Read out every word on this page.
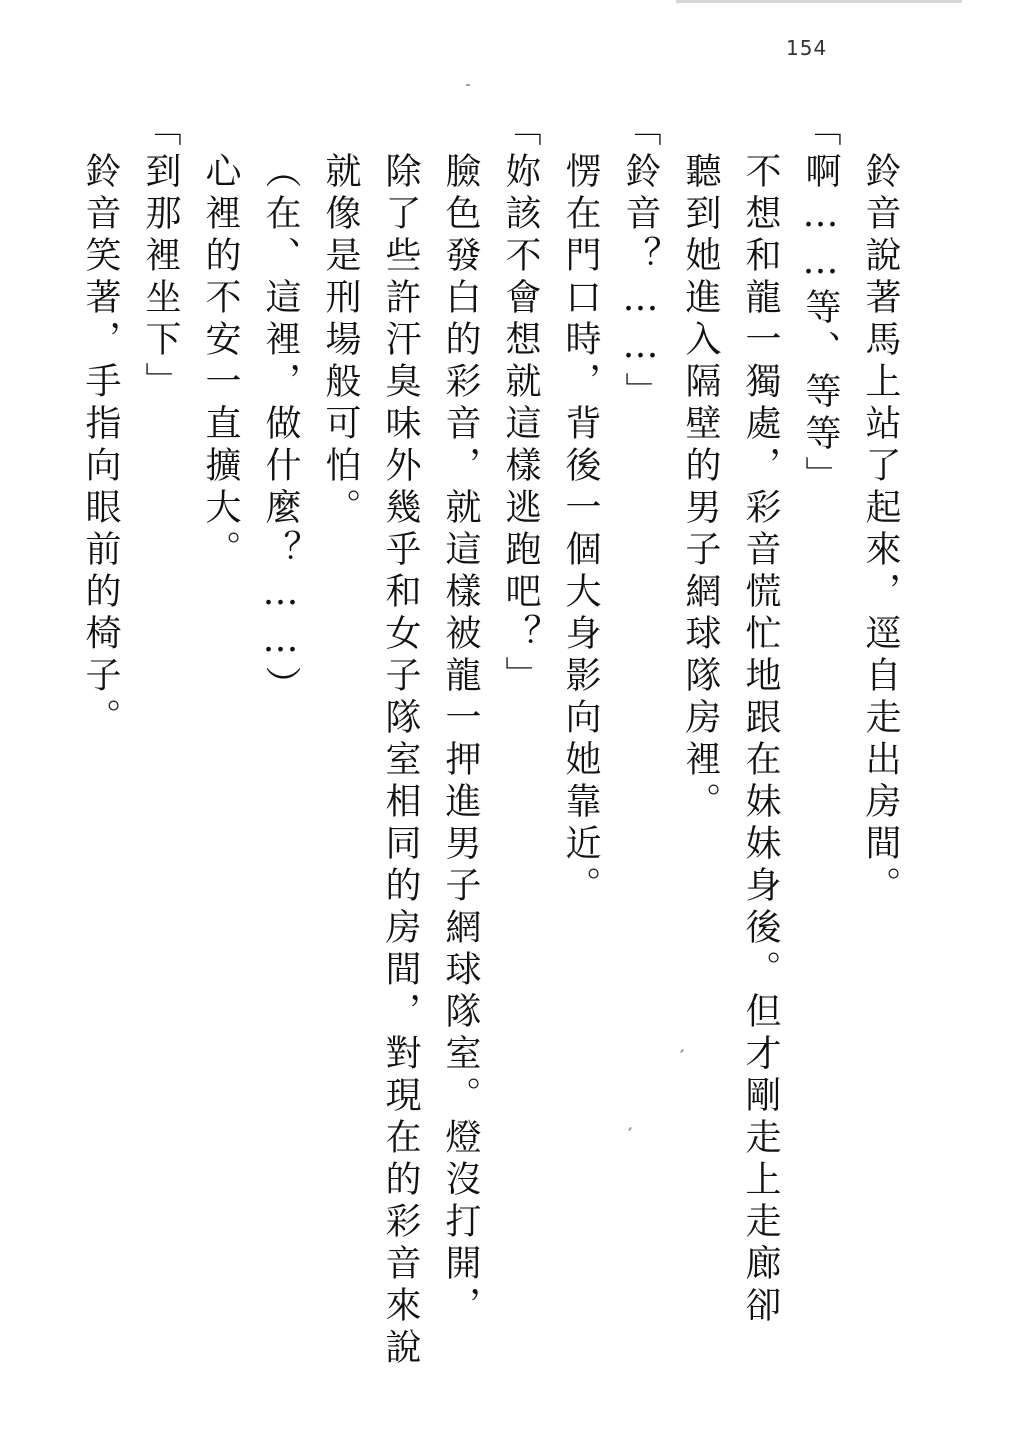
154
鈴音說著馬上站了起來，逕自走出房間。
「啊……等、等等」
不想和龍一獨處，彩音慌忙地跟在妹妹身後。但才剛走上走廊卻
聽到她進入隔壁的男子網球隊房裡。
「鈴音？……」
愣在門口時，背後一個大身影向她靠近。
「妳該不會想就這樣逃跑吧？」
臉色發白的彩音，就這樣被龍一押進男子網球隊室。燈沒打開，
除了些許汗臭味外幾乎和女子隊室相同的房間，對現在的彩音來說
就像是刑場般可怕。
（在、這裡，做什麼？……）
心裡的不安一直擴大。
「到那裡坐下」
鈴音笑著，手指向眼前的椅子。
